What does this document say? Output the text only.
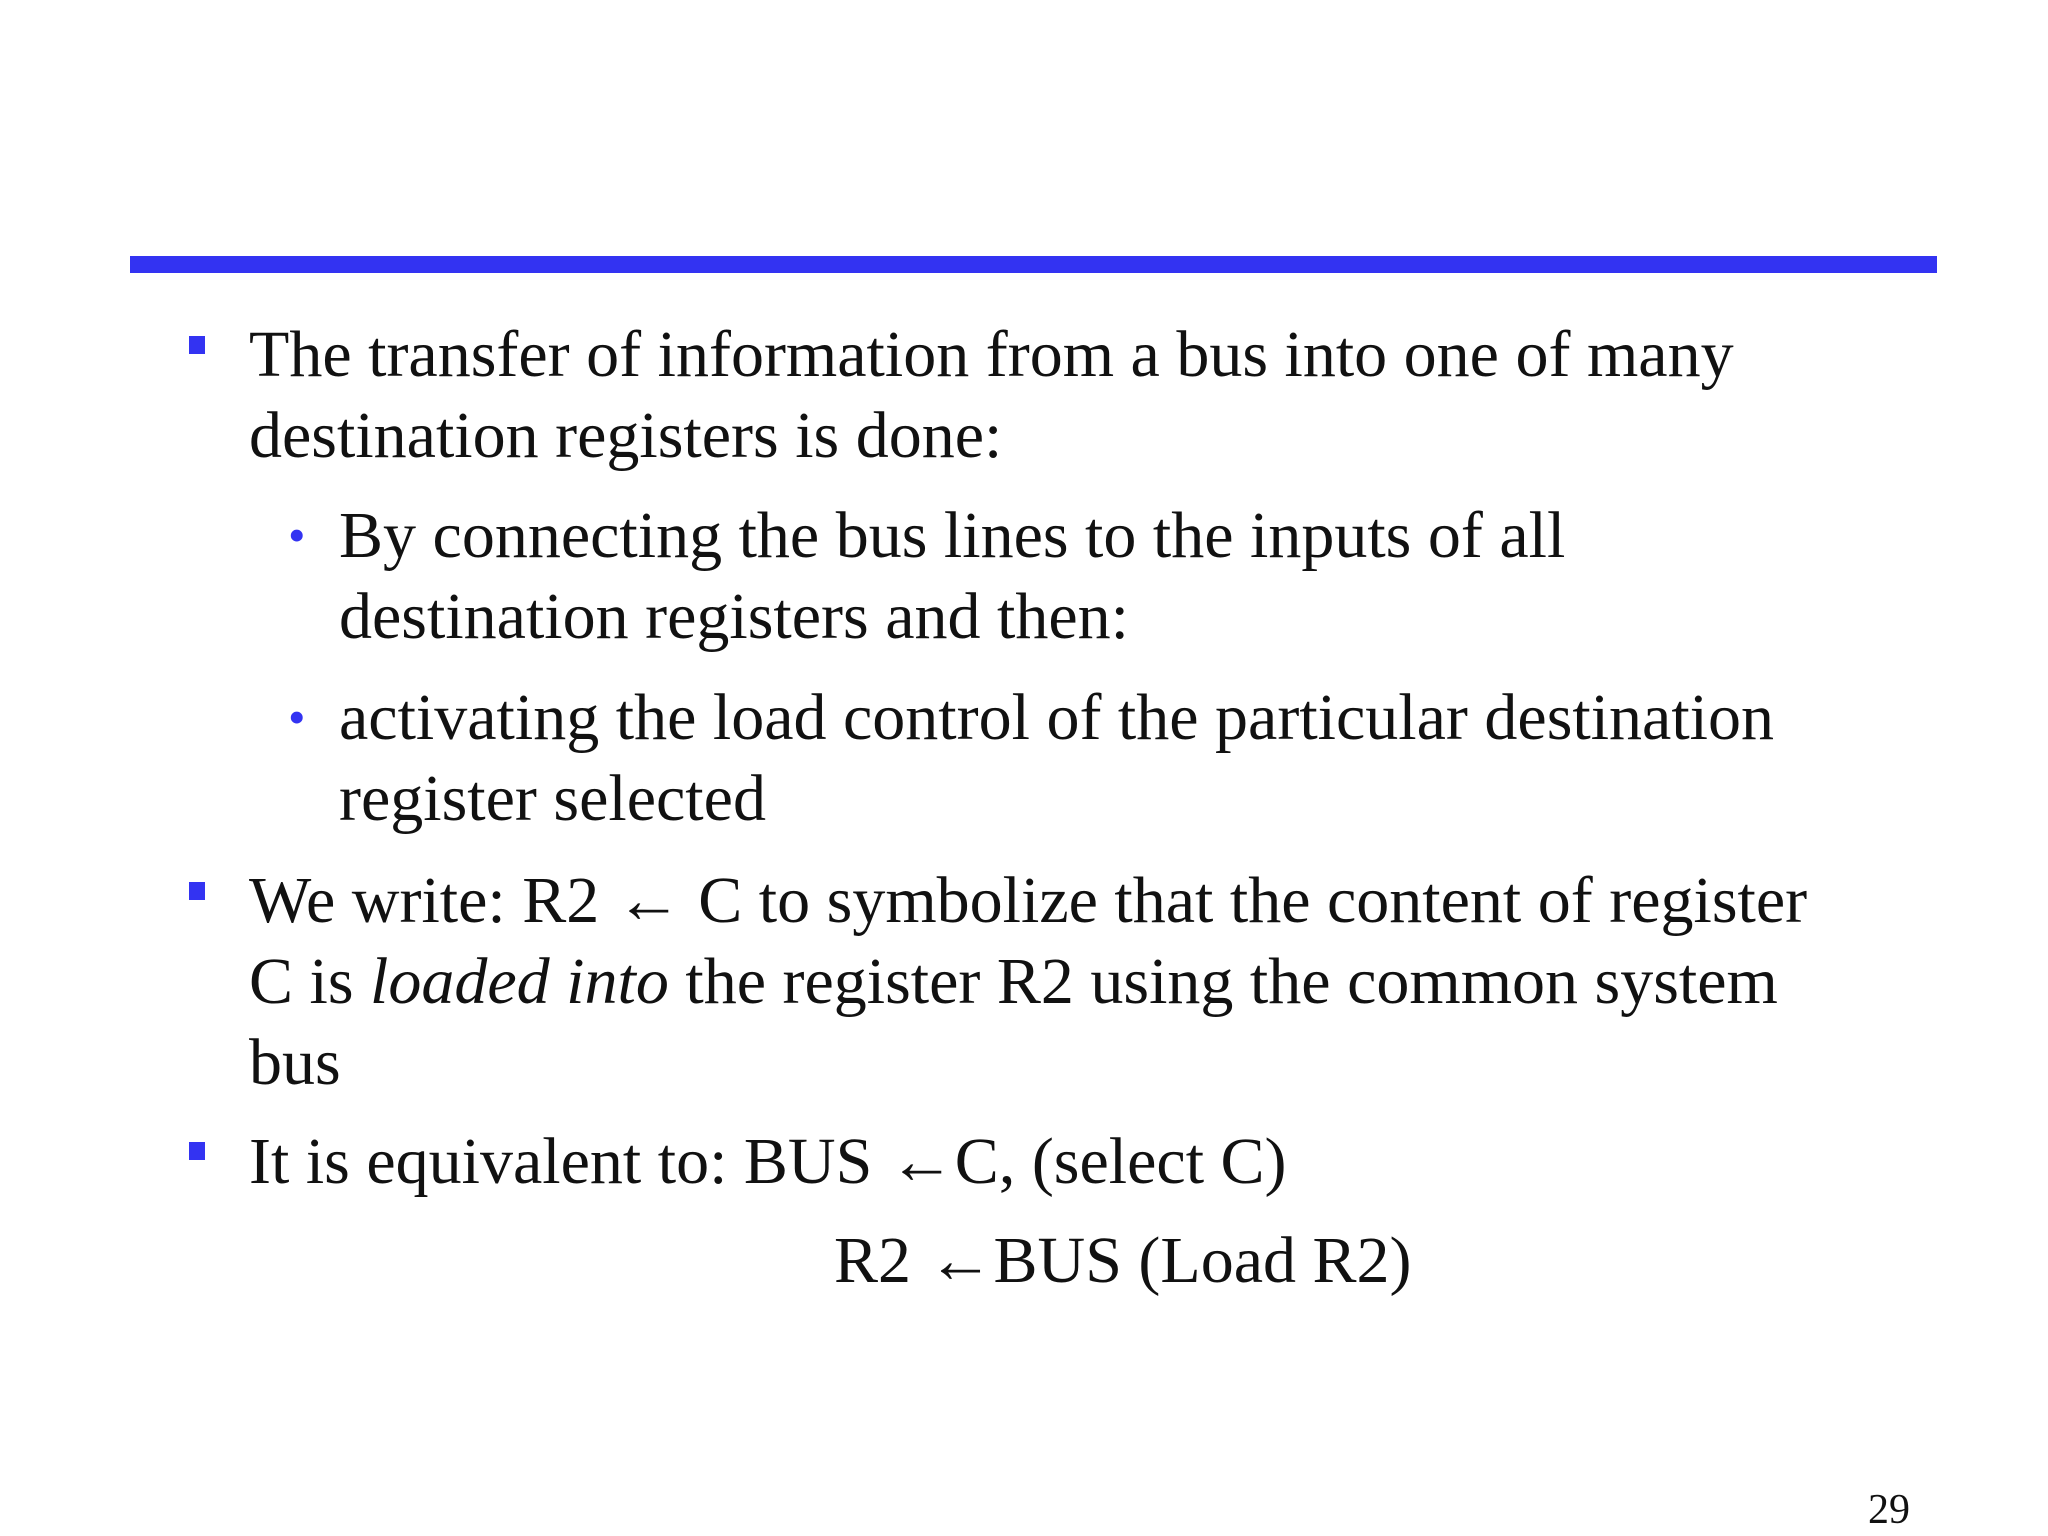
The transfer of information from a bus into one of many
destination registers is done:
• By connecting the bus lines to the inputs of all
destination registers and then:
• activating the load control of the particular destination
register selected
We write: R2 ← C to symbolize that the content of register
C is loaded into the register R2 using the common system
bus
It is equivalent to: BUS ←C, (select C)
R2 ←BUS (Load R2)
29
